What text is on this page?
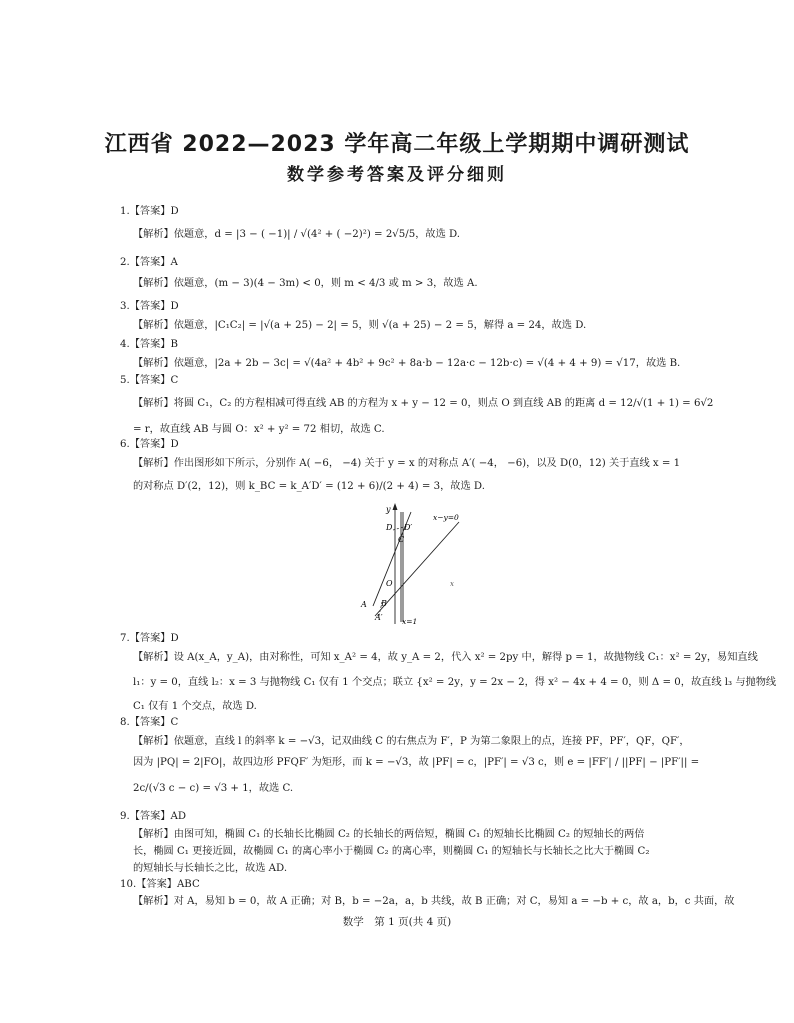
江西省 2022—2023 学年高二年级上学期期中调研测试
数学参考答案及评分细则
1.【答案】D
【解析】依题意，d = |3 − ( −1)| / √(4² + ( −2)²) = 2√5/5，故选 D.
2.【答案】A
【解析】依题意，(m − 3)(4 − 3m) < 0，则 m < 4/3 或 m > 3，故选 A.
3.【答案】D
【解析】依题意，|C₁C₂| = |√(a + 25) − 2| = 5，则 √(a + 25) − 2 = 5，解得 a = 24，故选 D.
4.【答案】B
【解析】依题意，|2a + 2b − 3c| = √(4a² + 4b² + 9c² + 8a·b − 12a·c − 12b·c) = √(4 + 4 + 9) = √17，故选 B.
5.【答案】C
【解析】将圆 C₁，C₂ 的方程相减可得直线 AB 的方程为 x + y − 12 = 0，则点 O 到直线 AB 的距离 d = 12/√(1 + 1) = 6√2
= r，故直线 AB 与圆 O：x² + y² = 72 相切，故选 C.
6.【答案】D
【解析】作出图形如下所示，分别作 A( −6， −4) 关于 y = x 的对称点 A′( −4， −6)，以及 D(0，12) 关于直线 x = 1
的对称点 D′(2，12)，则 k_BC = k_A′D′ = (12 + 6)/(2 + 4) = 3，故选 D.
7.【答案】D
【解析】设 A(x_A，y_A)，由对称性，可知 x_A² = 4，故 y_A = 2，代入 x² = 2py 中，解得 p = 1，故抛物线 C₁：x² = 2y，易知直线
l₁：y = 0，直线 l₂：x = 3 与抛物线 C₁ 仅有 1 个交点；联立 {x² = 2y，y = 2x − 2，得 x² − 4x + 4 = 0，则 Δ = 0，故直线 l₃ 与抛物线
C₁ 仅有 1 个交点，故选 D.
8.【答案】C
【解析】依题意，直线 l 的斜率 k = −√3，记双曲线 C 的右焦点为 F′，P 为第二象限上的点，连接 PF，PF′，QF，QF′，
因为 |PQ| = 2|FO|，故四边形 PFQF′ 为矩形，而 k = −√3，故 |PF| = c，|PF′| = √3 c，则 e = |FF′| / ||PF| − |PF′|| =
2c/(√3 c − c) = √3 + 1，故选 C.
9.【答案】AD
【解析】由图可知，椭圆 C₁ 的长轴长比椭圆 C₂ 的长轴长的两倍短，椭圆 C₁ 的短轴长比椭圆 C₂ 的短轴长的两倍
长，椭圆 C₁ 更接近圆，故椭圆 C₁ 的离心率小于椭圆 C₂ 的离心率，则椭圆 C₁ 的短轴长与长轴长之比大于椭圆 C₂
的短轴长与长轴长之比，故选 AD.
10.【答案】ABC
【解析】对 A，易知 b = 0，故 A 正确；对 B，b = −2a，a，b 共线，故 B 正确；对 C，易知 a = −b + c，故 a，b，c 共面，故
y
x−y=0
D D′
C
O
A B
A′	x=1
x
数学　第 1 页(共 4 页)
